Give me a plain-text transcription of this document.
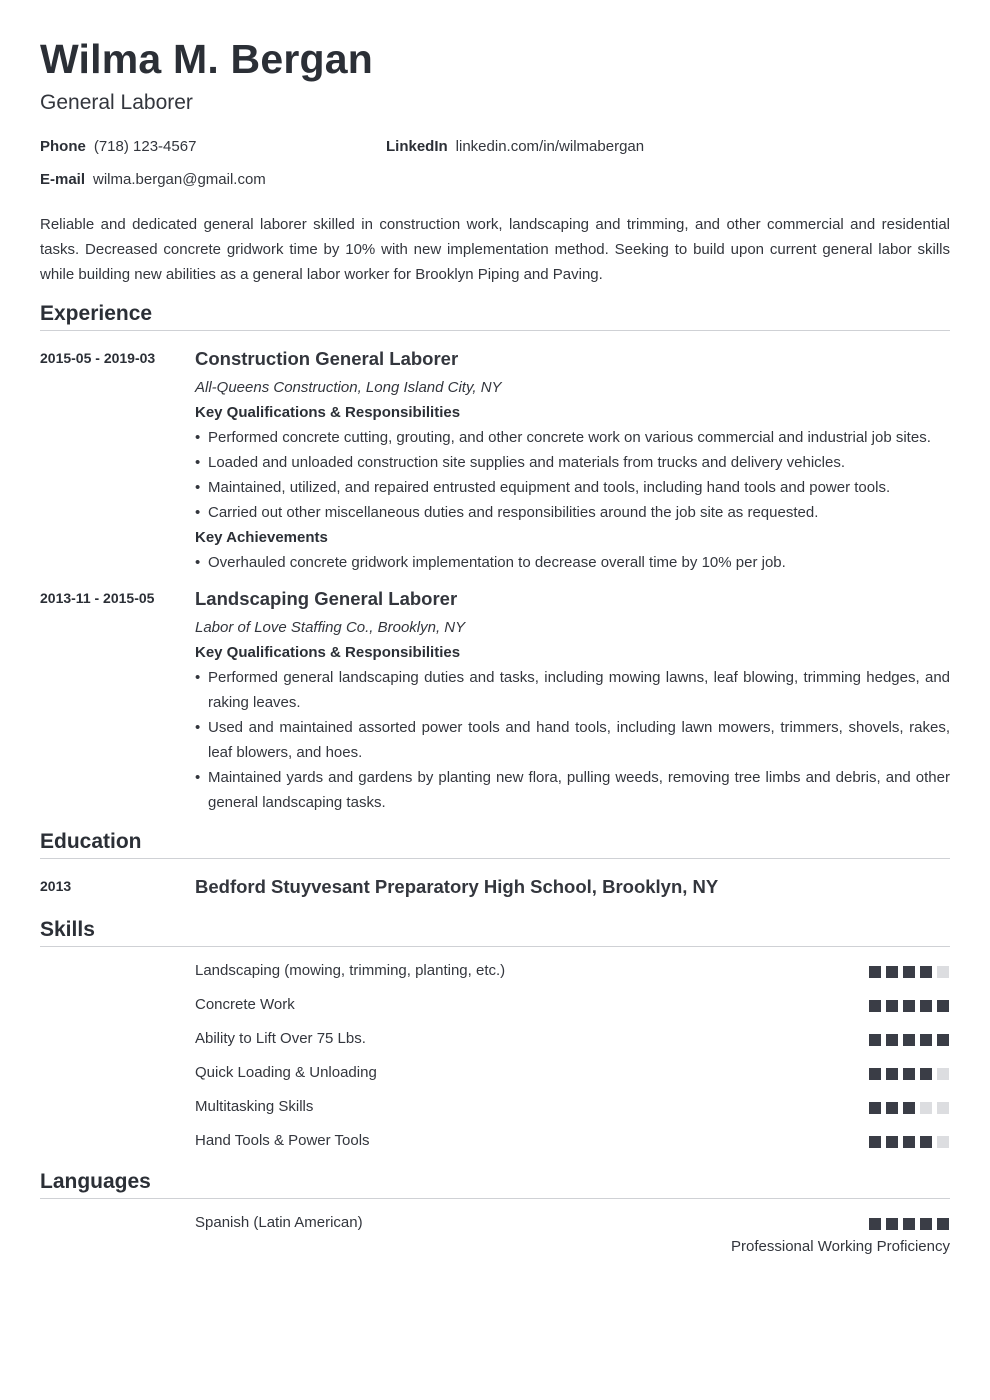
Wilma M. Bergan
General Laborer
Phone (718) 123-4567	LinkedIn linkedin.com/in/wilmabergan
E-mail wilma.bergan@gmail.com

Reliable and dedicated general laborer skilled in construction work, landscaping and trimming, and other commercial and residential tasks. Decreased concrete gridwork time by 10% with new implementation method. Seeking to build upon current general labor skills while building new abilities as a general labor worker for Brooklyn Piping and Paving.

Experience
2015-05 - 2019-03 Construction General Laborer
All-Queens Construction, Long Island City, NY
Key Qualifications & Responsibilities
• Performed concrete cutting, grouting, and other concrete work on various commercial and industrial job sites.
• Loaded and unloaded construction site supplies and materials from trucks and delivery vehicles.
• Maintained, utilized, and repaired entrusted equipment and tools, including hand tools and power tools.
• Carried out other miscellaneous duties and responsibilities around the job site as requested.
Key Achievements
• Overhauled concrete gridwork implementation to decrease overall time by 10% per job.
2013-11 - 2015-05 Landscaping General Laborer
Labor of Love Staffing Co., Brooklyn, NY
Key Qualifications & Responsibilities
• Performed general landscaping duties and tasks, including mowing lawns, leaf blowing, trimming hedges, and raking leaves.
• Used and maintained assorted power tools and hand tools, including lawn mowers, trimmers, shovels, rakes, leaf blowers, and hoes.
• Maintained yards and gardens by planting new flora, pulling weeds, removing tree limbs and debris, and other general landscaping tasks.
Education
2013	Bedford Stuyvesant Preparatory High School, Brooklyn, NY
Skills
Landscaping (mowing, trimming, planting, etc.)
Concrete Work
Ability to Lift Over 75 Lbs.
Quick Loading & Unloading
Multitasking Skills
Hand Tools & Power Tools
Languages
Spanish (Latin American)
Professional Working Proficiency
